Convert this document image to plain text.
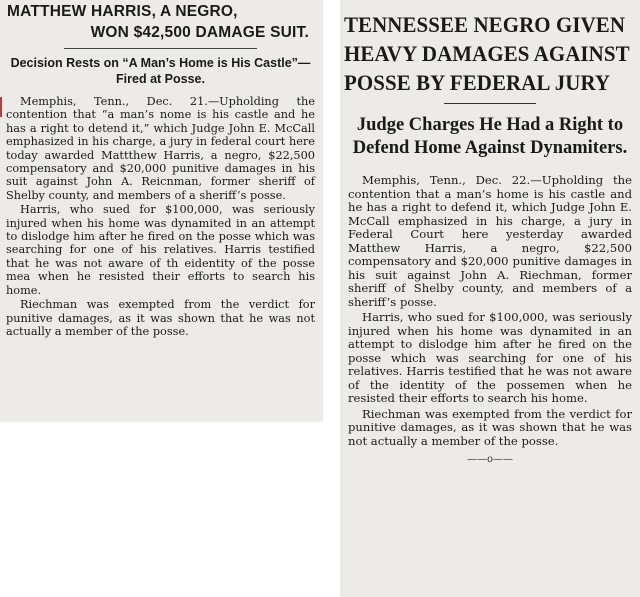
MATTHEW HARRIS, A NEGRO,
WON $42,500 DAMAGE SUIT.
Decision Rests on “A Man’s Home is His Castle”—Fired at Posse.

Memphis, Tenn., Dec. 21.—Upholding the contention that “a man’s nome is his castle and he has a right to detend it,” which Judge John E. McCall emphasized in his charge, a jury in federal court here today awarded Mattthew Harris, a negro, $22,500 compensatory and $20,000 punitive damages in his suit against John A. Reicnman, former sheriff of Shelby county, and members of a sheriff’s posse.

Harris, who sued for $100,000, was seriously injured when his home was dynamited in an attempt to dislodge him after he fired on the posse which was searching for one of his relatives. Harris testified that he was not aware of th eidentity of the posse mea when he resisted their efforts to search his home.

Riechman was exempted from the verdict for punitive damages, as it was shown that he was not actually a member of the posse.

TENNESSEE NEGRO GIVEN
HEAVY DAMAGES AGAINST
POSSE BY FEDERAL JURY
Judge Charges He Had a Right to Defend Home Against Dynamiters.

Memphis, Tenn., Dec. 22.—Upholding the contention that a man’s home is his castle and he has a right to defend it, which Judge John E. McCall emphasized in his charge, a jury in Federal Court here yesterday awarded Matthew Harris, a negro, $22,500 compensatory and $20,000 punitive damages in his suit against John A. Riechman, former sheriff of Shelby county, and members of a sheriff’s posse.

Harris, who sued for $100,000, was seriously injured when his home was dynamited in an attempt to dislodge him after he fired on the posse which was searching for one of his relatives. Harris testified that he was not aware of the identity of the possemen when he resisted their efforts to search his home.

Riechman was exempted from the verdict for punitive damages, as it was shown that he was not actually a member of the posse.

——o——
